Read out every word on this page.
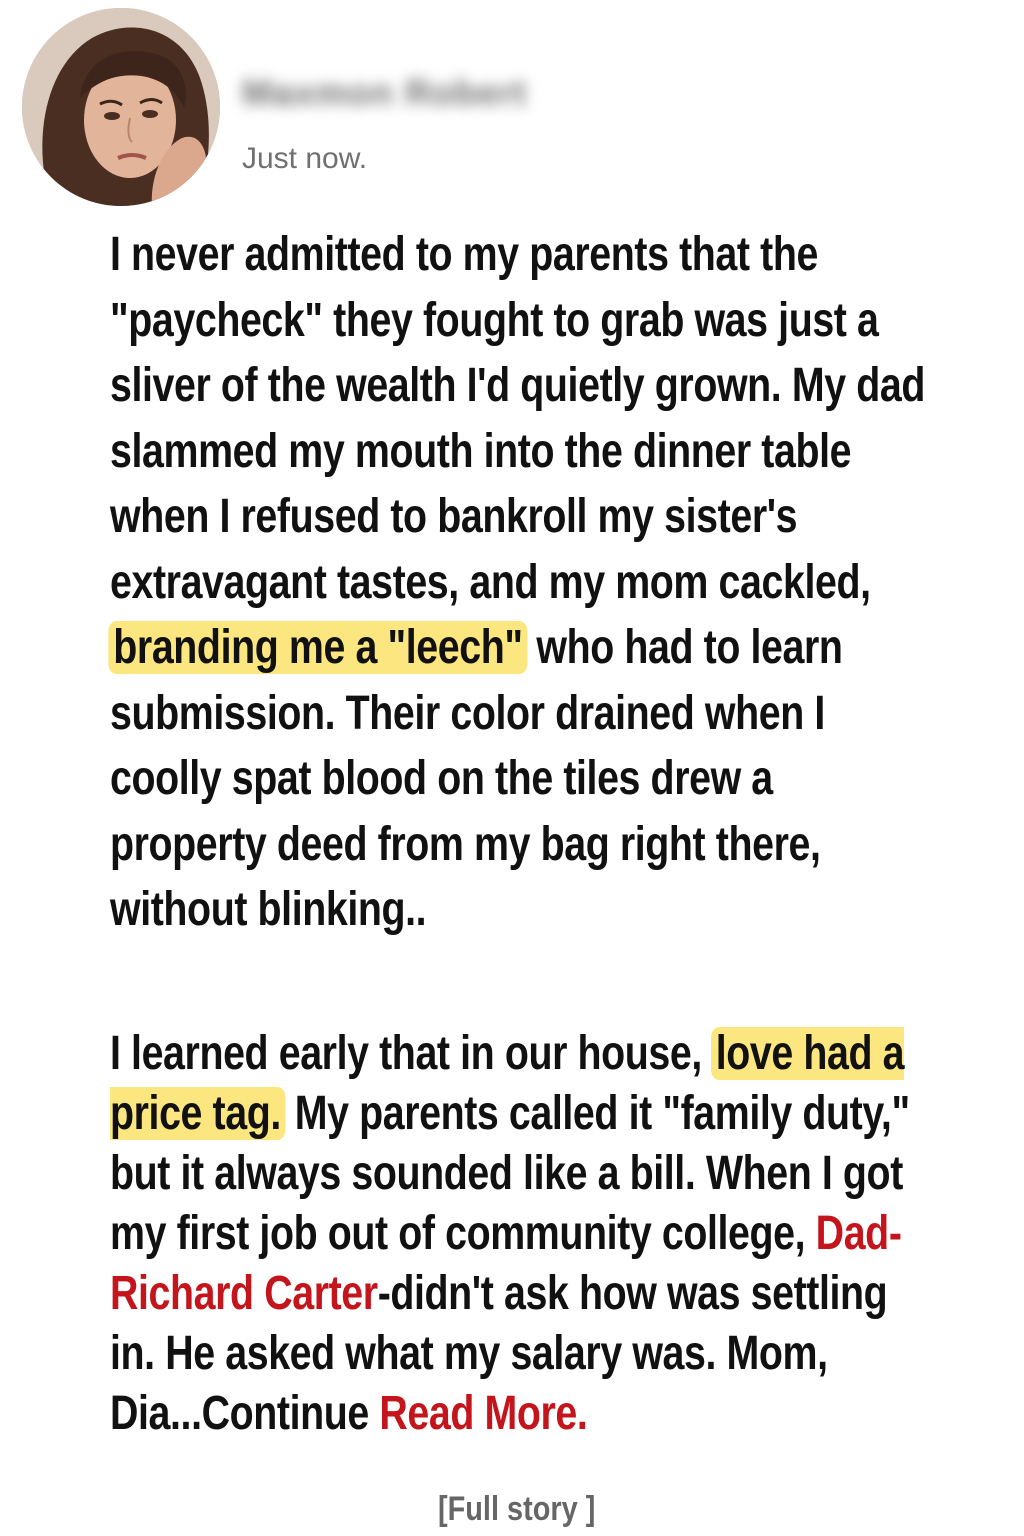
Maxmon Robert
Just now.

I never admitted to my parents that the "paycheck" they fought to grab was just a sliver of the wealth I'd quietly grown. My dad slammed my mouth into the dinner table when I refused to bankroll my sister's extravagant tastes, and my mom cackled, branding me a "leech" who had to learn submission. Their color drained when I coolly spat blood on the tiles drew a property deed from my bag right there, without blinking..

I learned early that in our house, love had a price tag. My parents called it "family duty," but it always sounded like a bill. When I got my first job out of community college, Dad-Richard Carter-didn't ask how was settling in. He asked what my salary was. Mom, Dia...Continue Read More.

[Full story ]
